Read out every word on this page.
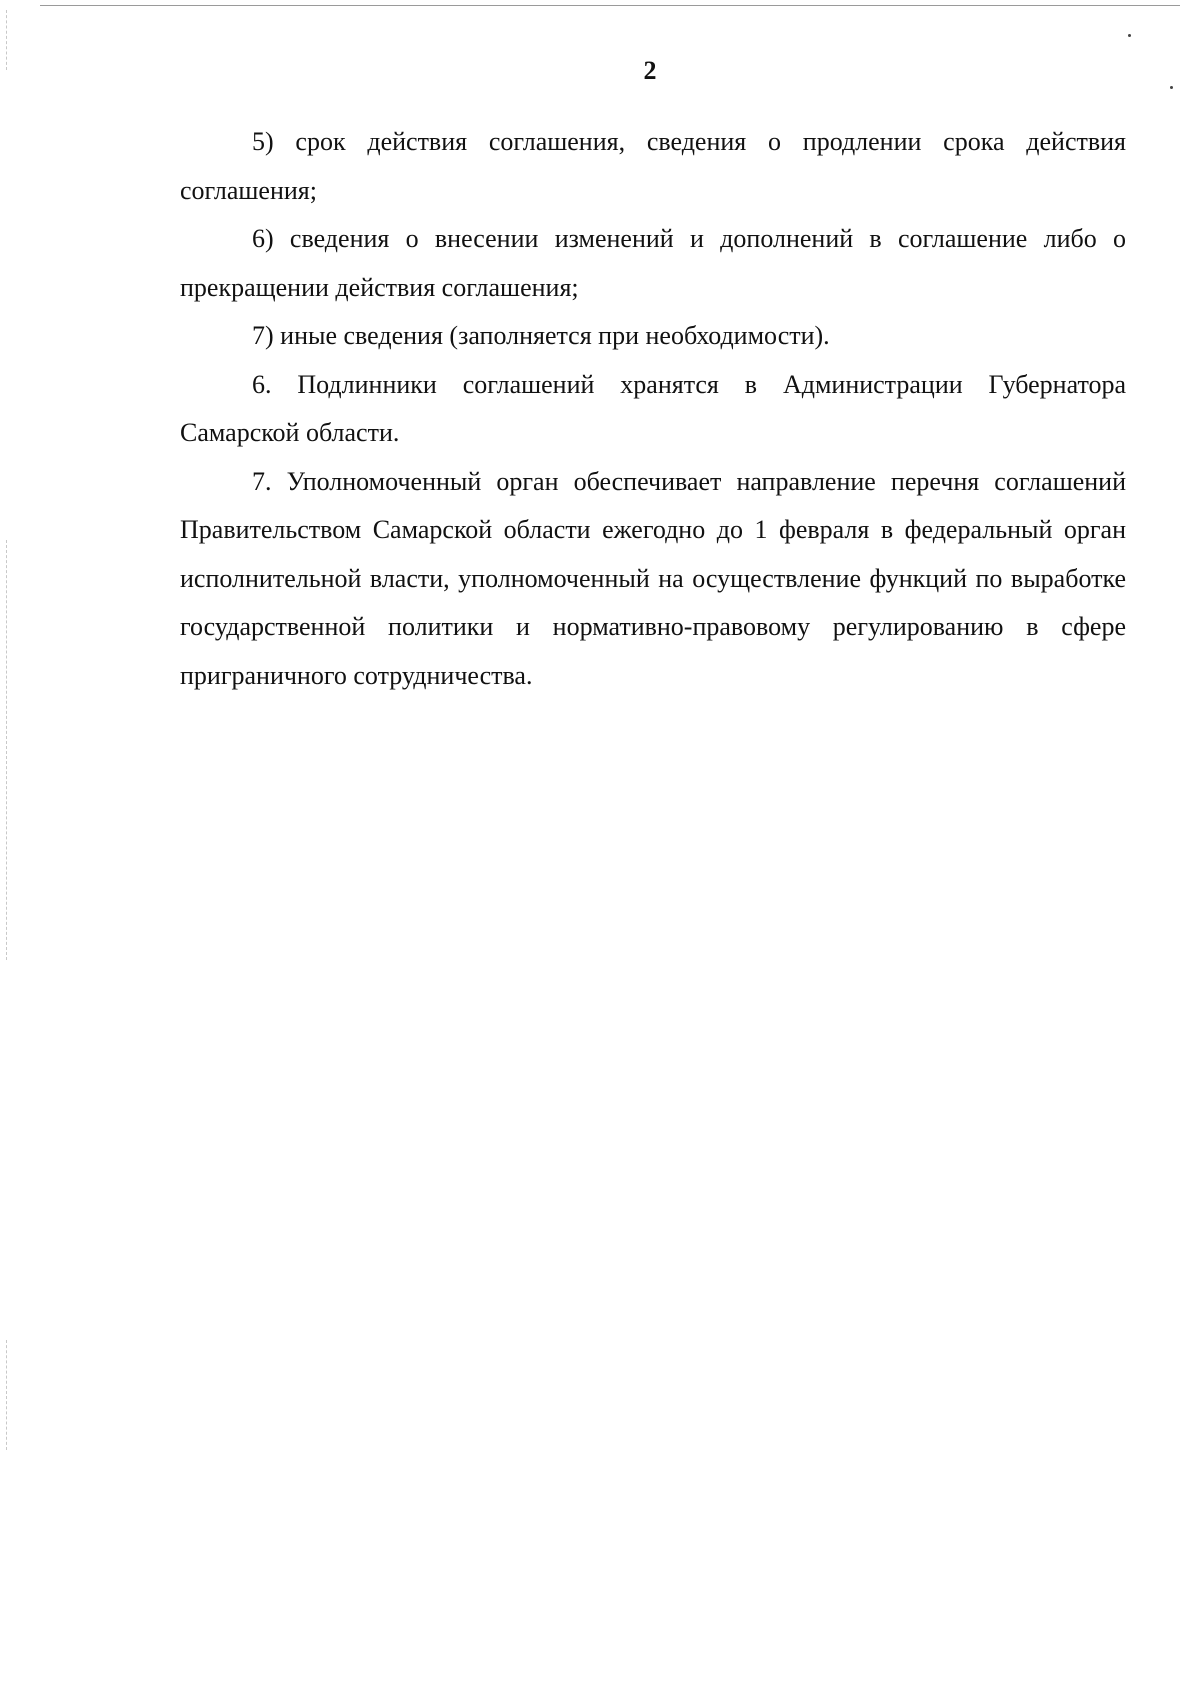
2

5) срок действия соглашения, сведения о продлении срока действия соглашения;

6) сведения о внесении изменений и дополнений в соглашение либо о прекращении действия соглашения;

7) иные сведения (заполняется при необходимости).

6. Подлинники соглашений хранятся в Администрации Губернатора Самарской области.

7. Уполномоченный орган обеспечивает направление перечня соглашений Правительством Самарской области ежегодно до 1 февраля в федеральный орган исполнительной власти, уполномоченный на осуществление функций по выработке государственной политики и нормативно-правовому регулированию в сфере приграничного сотрудничества.
